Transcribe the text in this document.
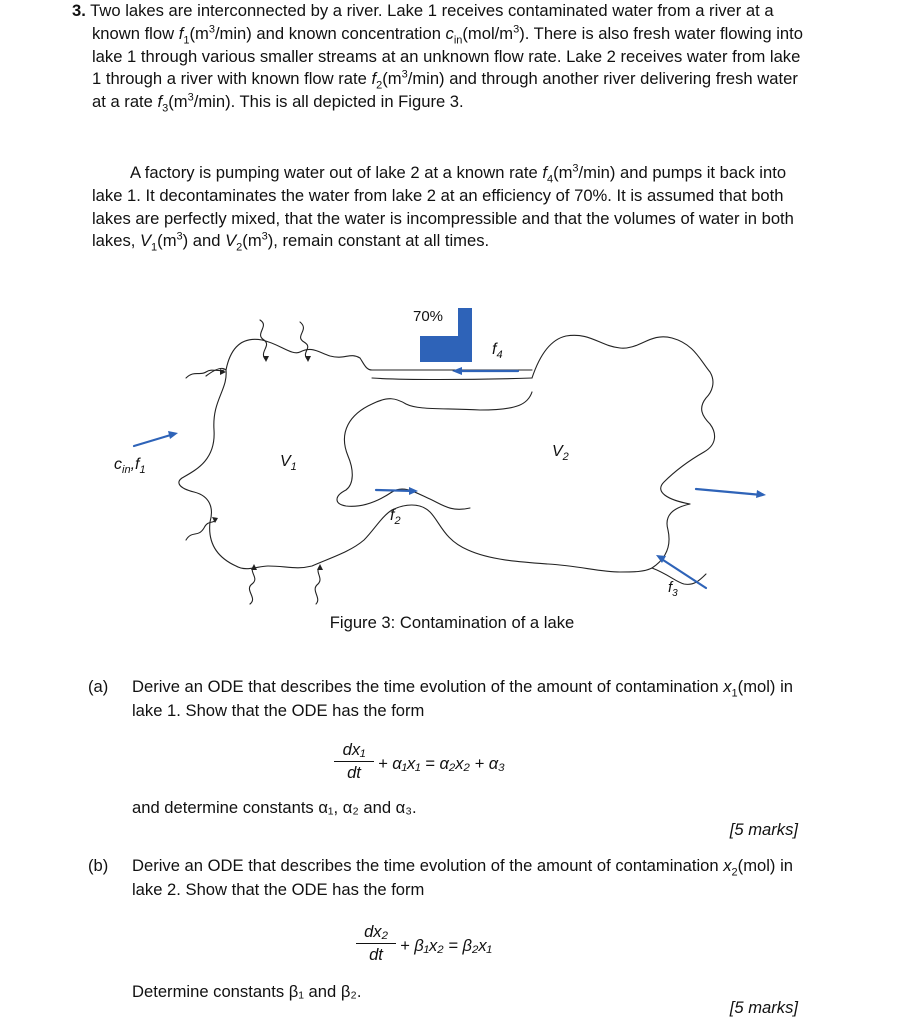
3. Two lakes are interconnected by a river. Lake 1 receives contaminated water from a river at a known flow $f_1(m^3/\min)$ and known concentration $c_{in}(mol/m^3)$. There is also fresh water flowing into lake 1 through various smaller streams at an unknown flow rate. Lake 2 receives water from lake 1 through a river with known flow rate $f_2(m^3/\min)$ and through another river delivering fresh water at a rate $f_3(m^3/\min)$. This is all depicted in Figure 3.
A factory is pumping water out of lake 2 at a known rate $f_4(m^3/\min)$ and pumps it back into lake 1. It decontaminates the water from lake 2 at an efficiency of 70%. It is assumed that both lakes are perfectly mixed, that the water is incompressible and that the volumes of water in both lakes, $V_1(m^3)$ and $V_2(m^3)$, remain constant at all times.
70%
$f_4$
$V_1$
$V_2$
$f_2$
$f_3$
$c_{in},f_1$
Figure 3: Contamination of a lake
(a) Derive an ODE that describes the time evolution of the amount of contamination $x_1(mol)$ in lake 1. Show that the ODE has the form
$\frac{\text{dx₁}}{dt} + \alpha_1x_1 = \alpha_2x_2 + \alpha_3$
and determine constants α₁, α₂ and α₃.
[5 marks]
(b) Derive an ODE that describes the time evolution of the amount of contamination $x_2(mol)$ in lake 2. Show that the ODE has the form
$\frac{\text{dx₂}}{dt} + \beta_1x_2 = \beta_2x_1$
Determine constants β₁ and β₂.
[5 marks]
